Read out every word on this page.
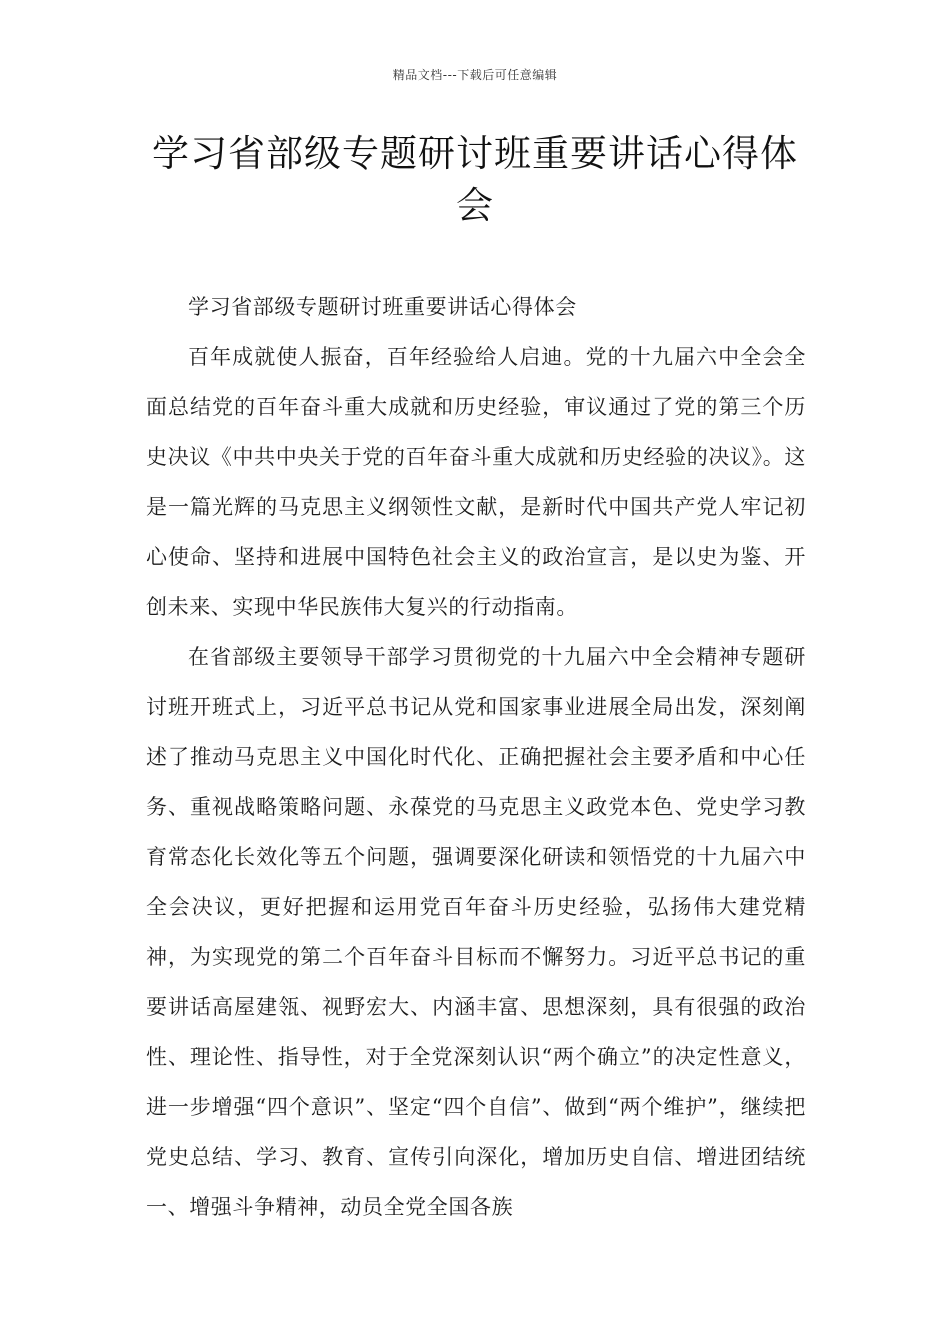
精品文档---下载后可任意编辑
学习省部级专题研讨班重要讲话心得体会

学习省部级专题研讨班重要讲话心得体会

百年成就使人振奋，百年经验给人启迪。党的十九届六中全会全面总结党的百年奋斗重大成就和历史经验，审议通过了党的第三个历史决议《中共中央关于党的百年奋斗重大成就和历史经验的决议》。这是一篇光辉的马克思主义纲领性文献，是新时代中国共产党人牢记初心使命、坚持和进展中国特色社会主义的政治宣言，是以史为鉴、开创未来、实现中华民族伟大复兴的行动指南。

在省部级主要领导干部学习贯彻党的十九届六中全会精神专题研讨班开班式上，习近平总书记从党和国家事业进展全局出发，深刻阐述了推动马克思主义中国化时代化、正确把握社会主要矛盾和中心任务、重视战略策略问题、永葆党的马克思主义政党本色、党史学习教育常态化长效化等五个问题，强调要深化研读和领悟党的十九届六中全会决议，更好把握和运用党百年奋斗历史经验，弘扬伟大建党精神，为实现党的第二个百年奋斗目标而不懈努力。习近平总书记的重要讲话高屋建瓴、视野宏大、内涵丰富、思想深刻，具有很强的政治性、理论性、指导性，对于全党深刻认识“两个确立”的决定性意义，进一步增强“四个意识”、坚定“四个自信”、做到“两个维护”，继续把党史总结、学习、教育、宣传引向深化，增加历史自信、增进团结统一、增强斗争精神，动员全党全国各族
